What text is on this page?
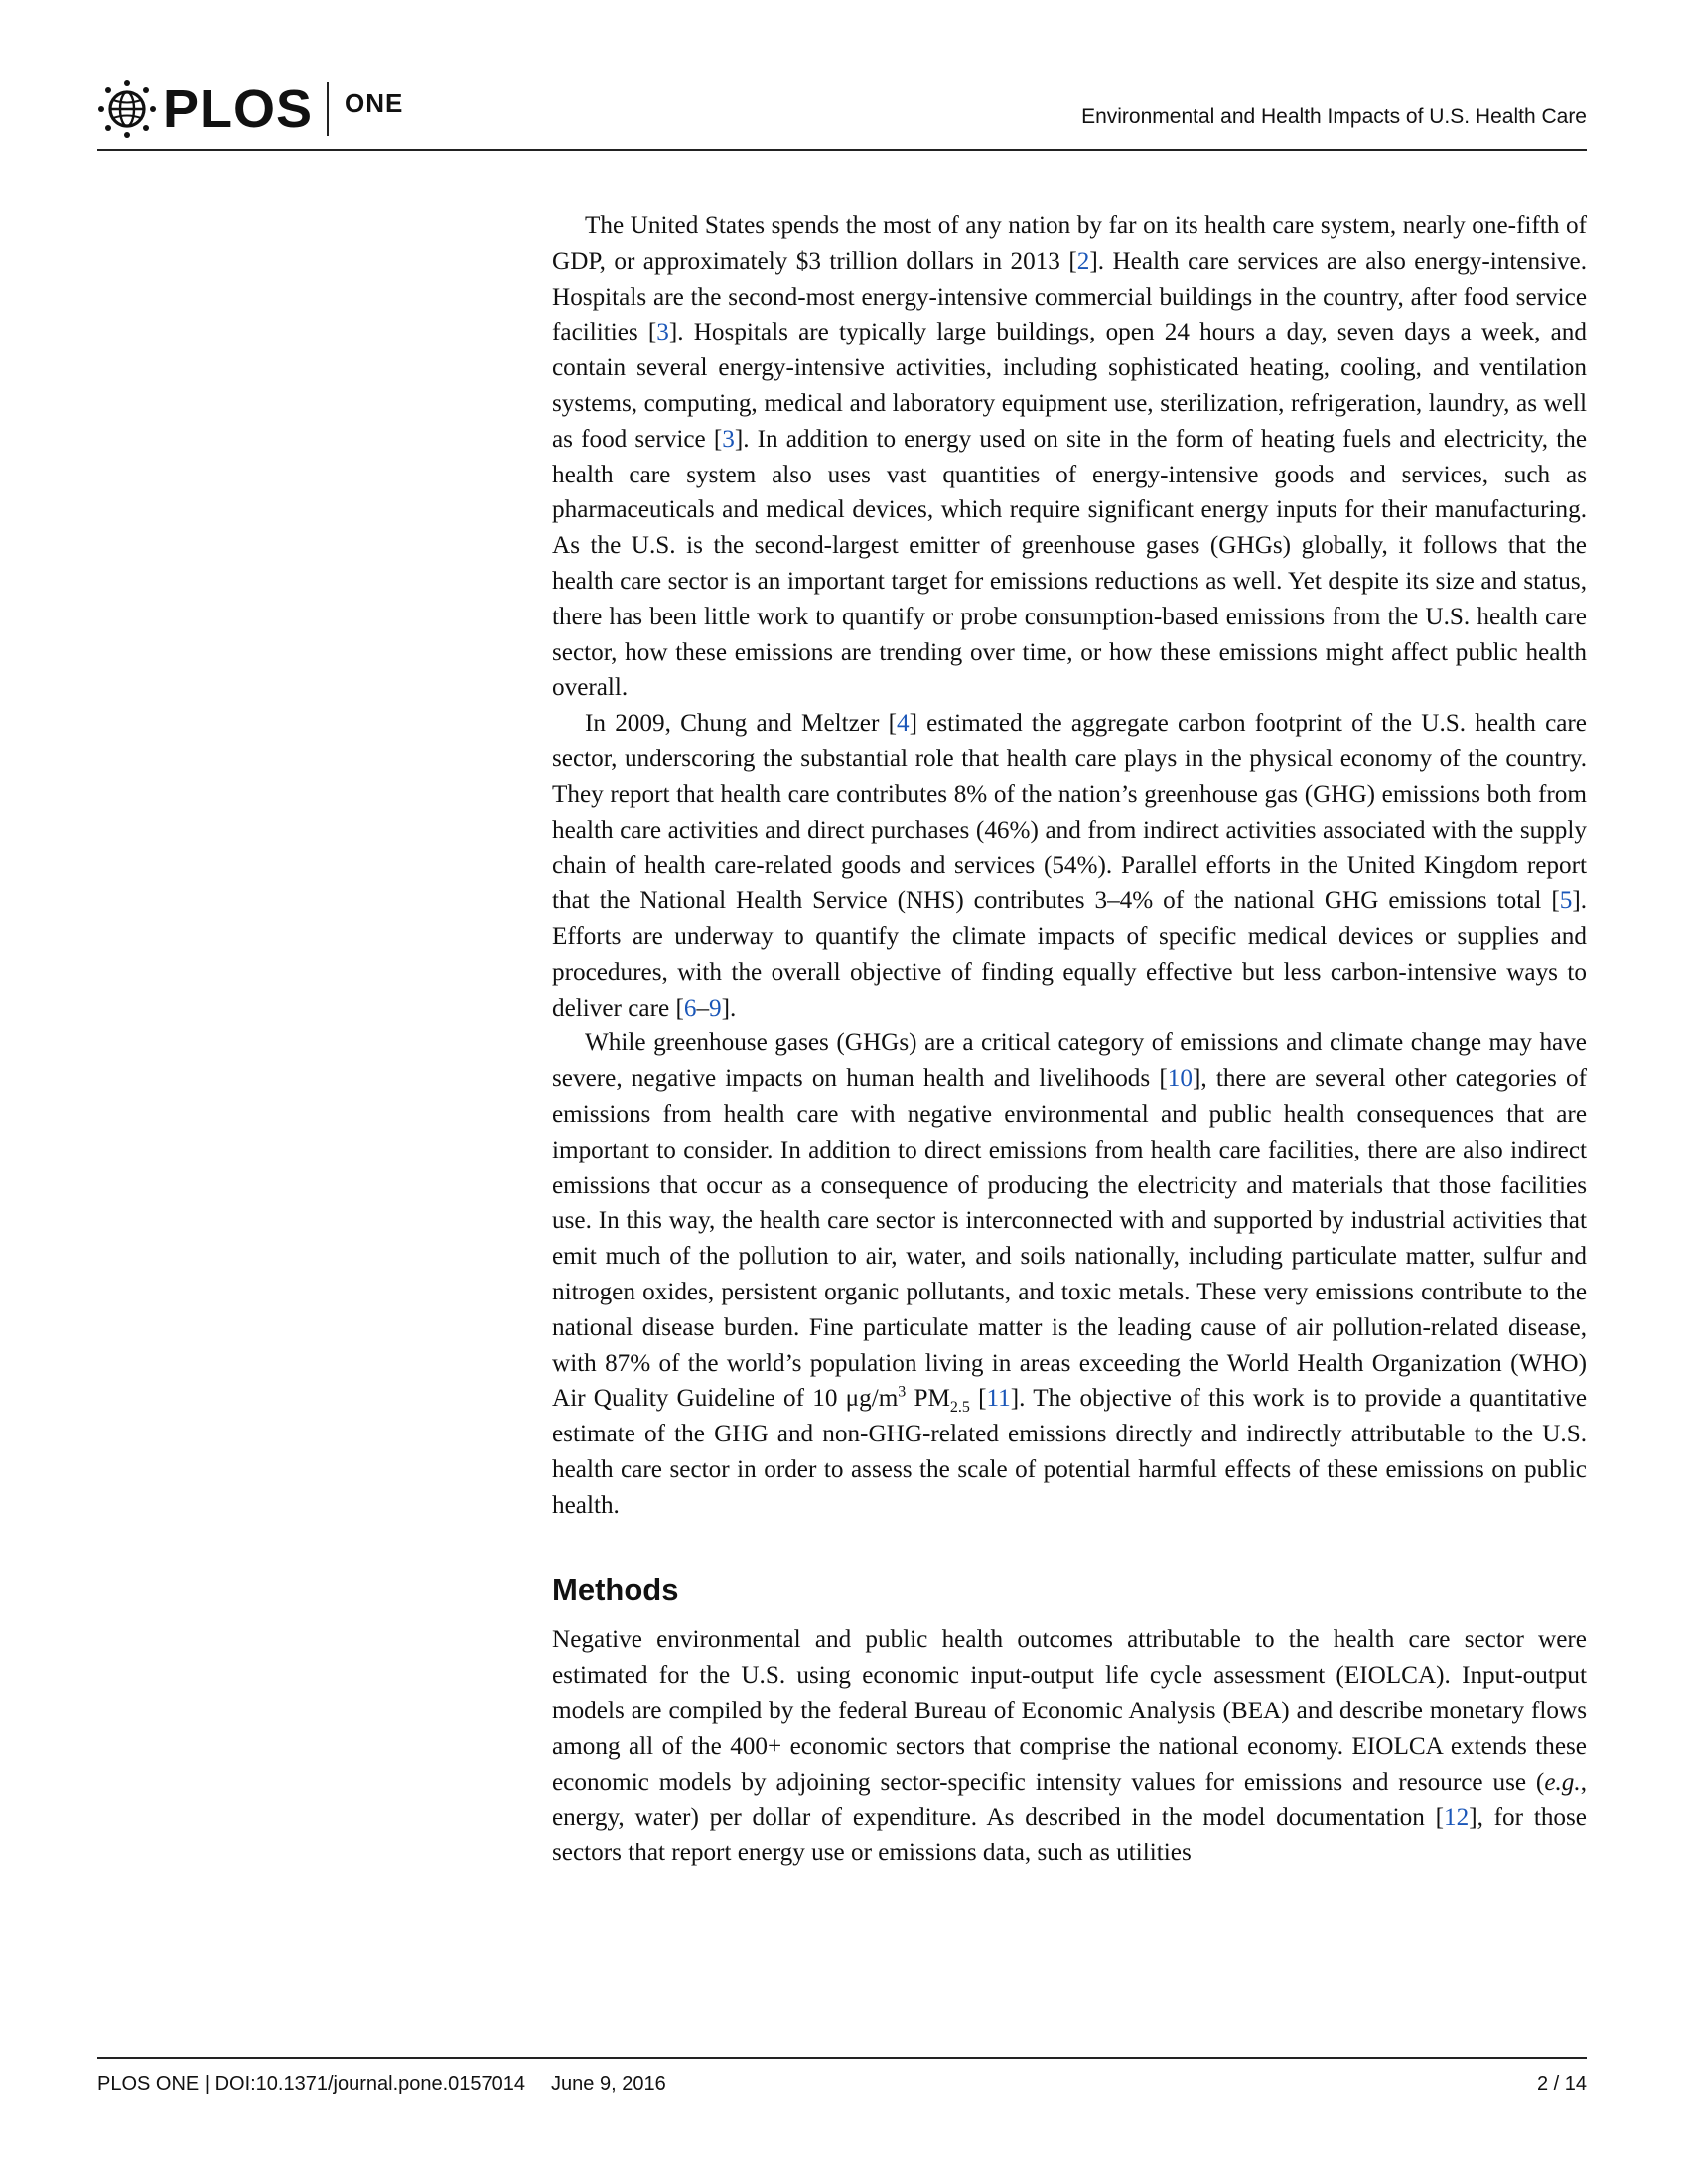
PLOS ONE	Environmental and Health Impacts of U.S. Health Care

The United States spends the most of any nation by far on its health care system, nearly one-fifth of GDP, or approximately $3 trillion dollars in 2013 [2]. Health care services are also energy-intensive. Hospitals are the second-most energy-intensive commercial buildings in the country, after food service facilities [3]. Hospitals are typically large buildings, open 24 hours a day, seven days a week, and contain several energy-intensive activities, including sophisticated heating, cooling, and ventilation systems, computing, medical and laboratory equipment use, sterilization, refrigeration, laundry, as well as food service [3]. In addition to energy used on site in the form of heating fuels and electricity, the health care system also uses vast quantities of energy-intensive goods and services, such as pharmaceuticals and medical devices, which require significant energy inputs for their manufacturing. As the U.S. is the second-largest emitter of greenhouse gases (GHGs) globally, it follows that the health care sector is an important target for emissions reductions as well. Yet despite its size and status, there has been little work to quantify or probe consumption-based emissions from the U.S. health care sector, how these emissions are trending over time, or how these emissions might affect public health overall.

In 2009, Chung and Meltzer [4] estimated the aggregate carbon footprint of the U.S. health care sector, underscoring the substantial role that health care plays in the physical economy of the country. They report that health care contributes 8% of the nation’s greenhouse gas (GHG) emissions both from health care activities and direct purchases (46%) and from indirect activities associated with the supply chain of health care-related goods and services (54%). Parallel efforts in the United Kingdom report that the National Health Service (NHS) contributes 3–4% of the national GHG emissions total [5]. Efforts are underway to quantify the climate impacts of specific medical devices or supplies and procedures, with the overall objective of finding equally effective but less carbon-intensive ways to deliver care [6–9].

While greenhouse gases (GHGs) are a critical category of emissions and climate change may have severe, negative impacts on human health and livelihoods [10], there are several other categories of emissions from health care with negative environmental and public health consequences that are important to consider. In addition to direct emissions from health care facilities, there are also indirect emissions that occur as a consequence of producing the electricity and materials that those facilities use. In this way, the health care sector is interconnected with and supported by industrial activities that emit much of the pollution to air, water, and soils nationally, including particulate matter, sulfur and nitrogen oxides, persistent organic pollutants, and toxic metals. These very emissions contribute to the national disease burden. Fine particulate matter is the leading cause of air pollution-related disease, with 87% of the world’s population living in areas exceeding the World Health Organization (WHO) Air Quality Guideline of 10 $\mu g/m^3$ $PM_{2.5}$ [11]. The objective of this work is to provide a quantitative estimate of the GHG and non-GHG-related emissions directly and indirectly attributable to the U.S. health care sector in order to assess the scale of potential harmful effects of these emissions on public health.

Methods

Negative environmental and public health outcomes attributable to the health care sector were estimated for the U.S. using economic input-output life cycle assessment (EIOLCA). Input-output models are compiled by the federal Bureau of Economic Analysis (BEA) and describe monetary flows among all of the 400+ economic sectors that comprise the national economy. EIOLCA extends these economic models by adjoining sector-specific intensity values for emissions and resource use (e.g., energy, water) per dollar of expenditure. As described in the model documentation [12], for those sectors that report energy use or emissions data, such as utilities

PLOS ONE | DOI:10.1371/journal.pone.0157014 June 9, 2016	2 / 14
